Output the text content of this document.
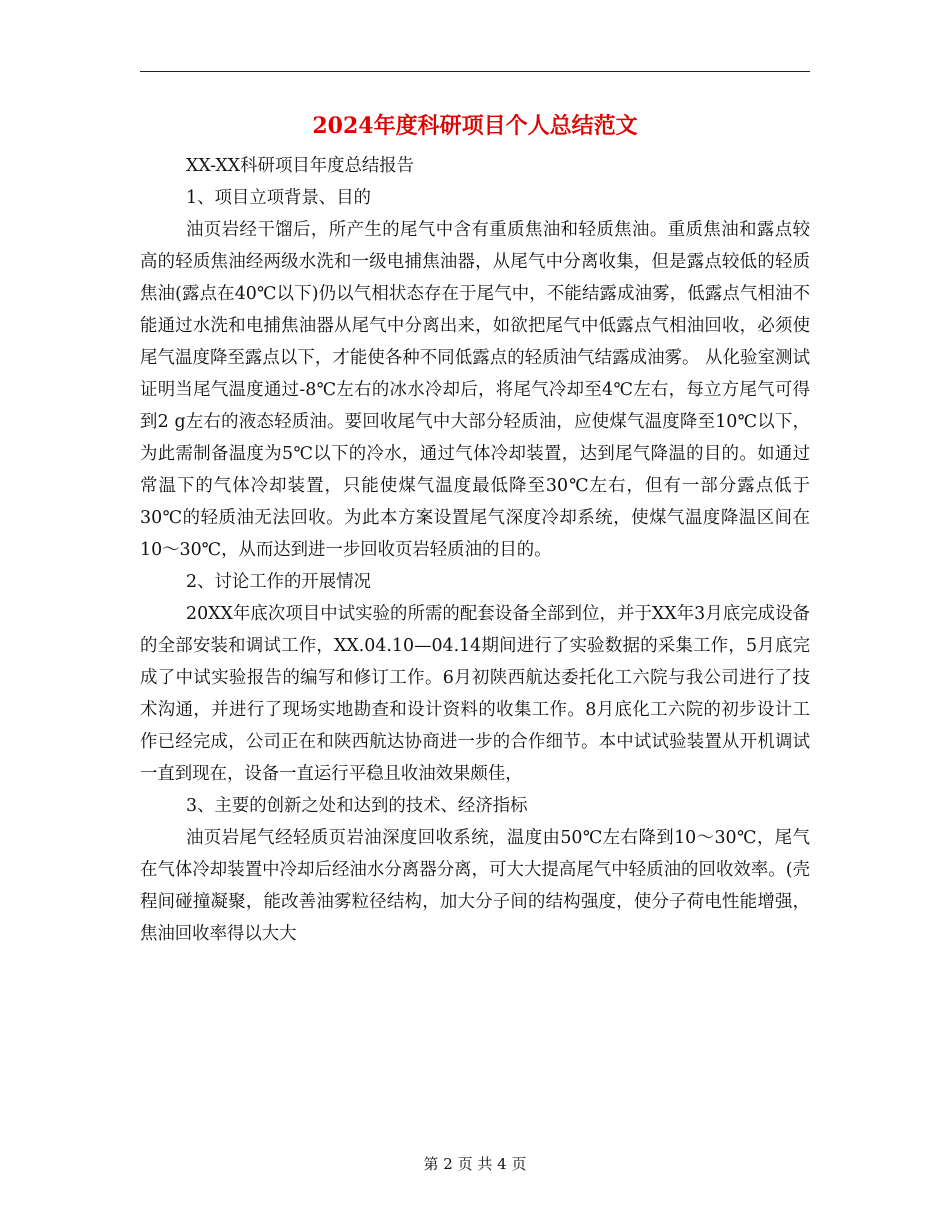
2024年度科研项目个人总结范文

XX-XX科研项目年度总结报告

1、项目立项背景、目的

油页岩经干馏后，所产生的尾气中含有重质焦油和轻质焦油。重质焦油和露点较高的轻质焦油经两级水洗和一级电捕焦油器，从尾气中分离收集，但是露点较低的轻质焦油(露点在40℃以下)仍以气相状态存在于尾气中，不能结露成油雾，低露点气相油不能通过水洗和电捕焦油器从尾气中分离出来，如欲把尾气中低露点气相油回收，必须使尾气温度降至露点以下，才能使各种不同低露点的轻质油气结露成油雾。 从化验室测试证明当尾气温度通过-8℃左右的冰水冷却后，将尾气冷却至4℃左右，每立方尾气可得到2 g左右的液态轻质油。要回收尾气中大部分轻质油，应使煤气温度降至10℃以下，为此需制备温度为5℃以下的冷水，通过气体冷却装置，达到尾气降温的目的。如通过常温下的气体冷却装置，只能使煤气温度最低降至30℃左右，但有一部分露点低于30℃的轻质油无法回收。为此本方案设置尾气深度冷却系统，使煤气温度降温区间在10～30℃，从而达到进一步回收页岩轻质油的目的。

2、讨论工作的开展情况

20XX年底次项目中试实验的所需的配套设备全部到位，并于XX年3月底完成设备的全部安装和调试工作，XX.04.10—04.14期间进行了实验数据的采集工作，5月底完成了中试实验报告的编写和修订工作。6月初陕西航达委托化工六院与我公司进行了技术沟通，并进行了现场实地勘查和设计资料的收集工作。8月底化工六院的初步设计工作已经完成，公司正在和陕西航达协商进一步的合作细节。本中试试验装置从开机调试一直到现在，设备一直运行平稳且收油效果颇佳，

3、主要的创新之处和达到的技术、经济指标

油页岩尾气经轻质页岩油深度回收系统，温度由50℃左右降到10～30℃，尾气在气体冷却装置中冷却后经油水分离器分离，可大大提高尾气中轻质油的回收效率。(壳程间碰撞凝聚，能改善油雾粒径结构，加大分子间的结构强度，使分子荷电性能增强，焦油回收率得以大大

第 2 页 共 4 页
